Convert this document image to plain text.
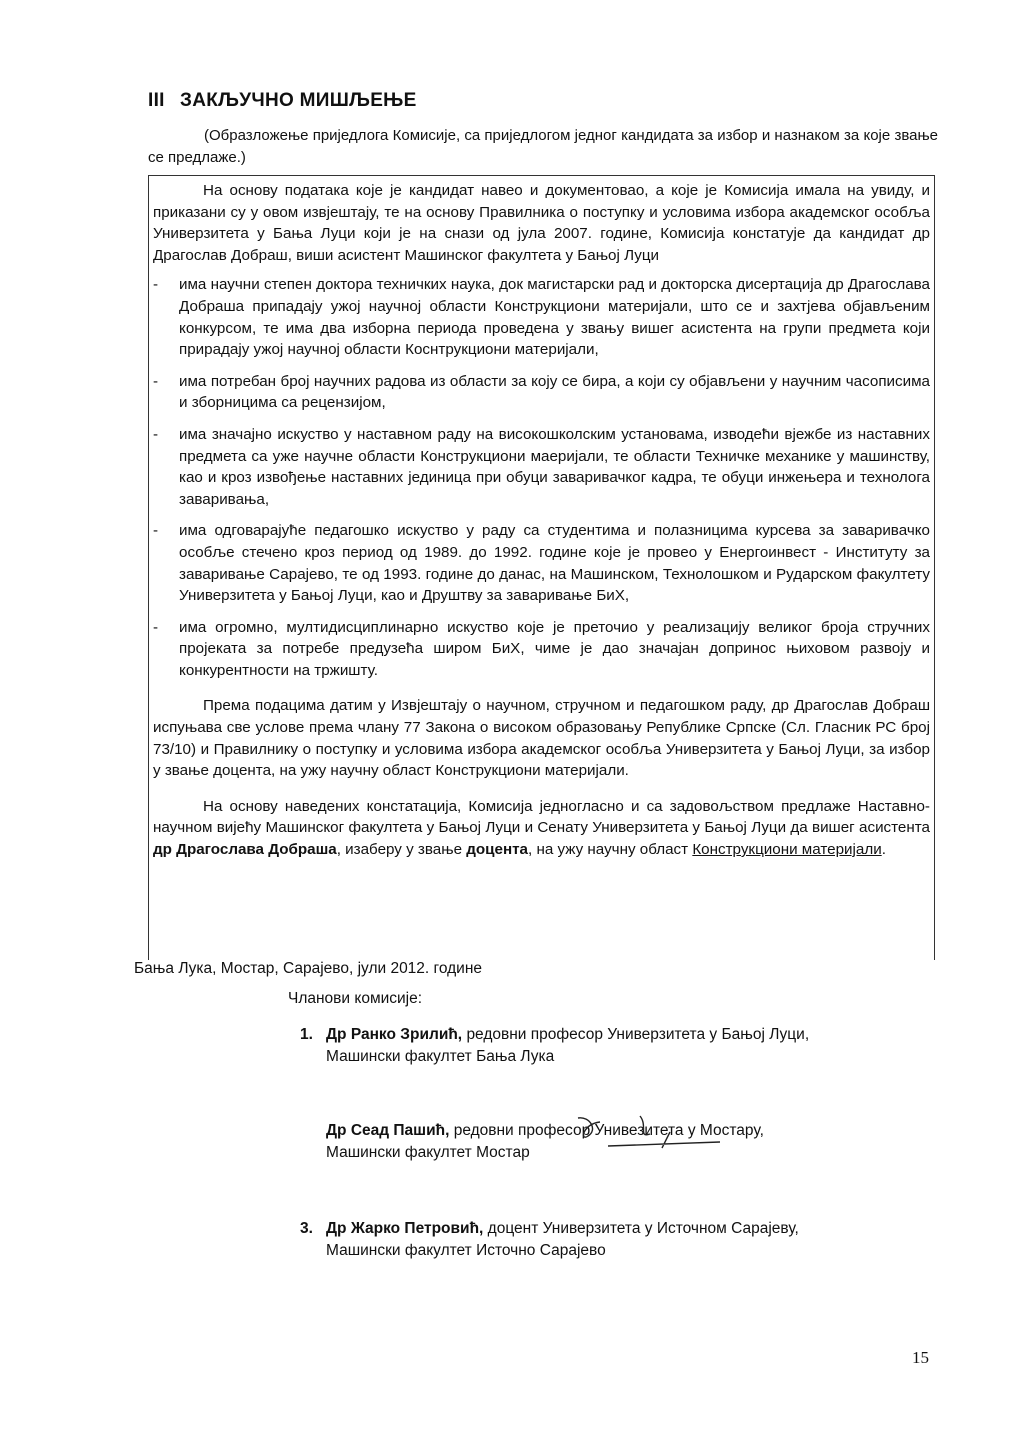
III ЗАКЉУЧНО МИШЉЕЊЕ
(Образложење приједлога Комисије, са приједлогом једног кандидата за избор и назнаком за које звање се предлаже.)

На основу података које је кандидат навео и документовао, а које је Комисија имала на увиду, и приказани су у овом извјештају, те на основу Правилника о поступку и условима избора академског особља Универзитета у Бања Луци који је на снази од јула 2007. године, Комисија констатује да кандидат др Драгослав Добраш, виши асистент Машинског факултета у Бањој Луци

- има научни степен доктора техничких наука, док магистарски рад и докторска дисертација др Драгослава Добраша припадају ужој научној области Конструкциони материјали, што се и захтјева објављеним конкурсом, те има два изборна периода проведена у звању вишег асистента на групи предмета који прирадају ужој научној области Коснтрукциони материјали,
- има потребан број научних радова из области за коју се бира, а који су објављени у научним часописима и зборницима са рецензијом,
- има значајно искуство у наставном раду на високошколским установама, изводећи вјежбе из наставних предмета са уже научне области Конструкциони маеријали, те области Техничке механике у машинству, као и кроз извођење наставних јединица при обуци заваривачког кадра, те обуци инжењера и технолога заваривања,
- има одговарајуће педагошко искуство у раду са студентима и полазницима курсева за заваривачко особље стечено кроз период од 1989. до 1992. године које је провео у Енергоинвест - Институту за заваривање Сарајево, те од 1993. године до данас, на Машинском, Технолошком и Рударском факултету Универзитета у Бањој Луци, као и Друштву за заваривање БиХ,
- има огромно, мултидисциплинарно искуство које је преточио у реализацију великог броја стручних пројеката за потребе предузећа широм БиХ, чиме је дао значајан допринос њиховом развоју и конкурентности на тржишту.

Према подацима датим у Извјештају о научном, стручном и педагошком раду, др Драгослав Добраш испуњава све услове према члану 77 Закона о високом образовању Републике Српске (Сл. Гласник РС број 73/10) и Правилнику о поступку и условима избора академског особља Универзитета у Бањој Луци, за избор у звање доцента, на ужу научну област Конструкциони материјали.

На основу наведених констатација, Комисија једногласно и са задовољством предлаже Наставно-научном вијећу Машинског факултета у Бањој Луци и Сенату Универзитета у Бањој Луци да вишег асистента др Драгослава Добраша, изаберу у звање доцента, на ужу научну област Конструкциони материјали.

Бања Лука, Мостар, Сарајево, јули 2012. године
Чланови комисије:
1. Др Ранко Зрилић, редовни професор Универзитета у Бањој Луци,
Машински факултет Бања Лука
Др Сеад Пашић, редовни професор Унивезитета у Мостару,
Машински факултет Мостар
3. Др Жарко Петровић, доцент Универзитета у Источном Сарајеву,
Машински факултет Источно Сарајево
15
